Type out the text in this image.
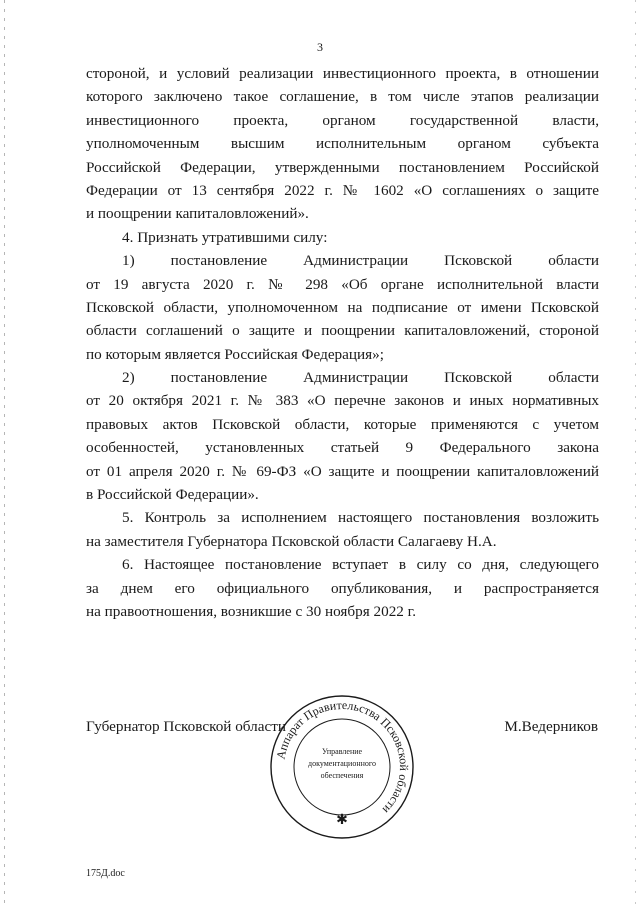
3
стороной, и условий реализации инвестиционного проекта, в отношении
которого заключено такое соглашение, в том числе этапов реализации
инвестиционного проекта, органом государственной власти,
уполномоченным высшим исполнительным органом субъекта
Российской Федерации, утвержденными постановлением Российской
Федерации от 13 сентября 2022 г. № 1602 «О соглашениях о защите
и поощрении капиталовложений».
4. Признать утратившими силу:
1) постановление Администрации Псковской области
от 19 августа 2020 г. № 298 «Об органе исполнительной власти
Псковской области, уполномоченном на подписание от имени Псковской
области соглашений о защите и поощрении капиталовложений, стороной
по которым является Российская Федерация»;
2) постановление Администрации Псковской области
от 20 октября 2021 г. № 383 «О перечне законов и иных нормативных
правовых актов Псковской области, которые применяются с учетом
особенностей, установленных статьей 9 Федерального закона
от 01 апреля 2020 г. № 69-ФЗ «О защите и поощрении капиталовложений
в Российской Федерации».
5. Контроль за исполнением настоящего постановления возложить
на заместителя Губернатора Псковской области Салагаеву Н.А.
6. Настоящее постановление вступает в силу со дня, следующего
за днем его официального опубликования, и распространяется
на правоотношения, возникшие с 30 ноября 2022 г.
Губернатор Псковской области	М.Ведерников
Аппарат Правительства Псковской области
Управление
документационного
обеспечения
✱
175Д.doc
